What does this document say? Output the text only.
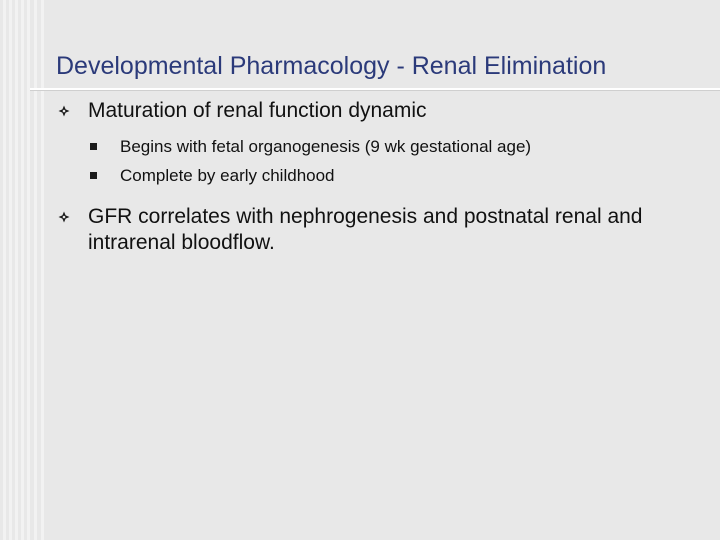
Developmental Pharmacology - Renal Elimination
Maturation of renal function dynamic
Begins with fetal organogenesis (9 wk gestational age)
Complete by early childhood
GFR correlates with nephrogenesis and postnatal renal and intrarenal bloodflow.
